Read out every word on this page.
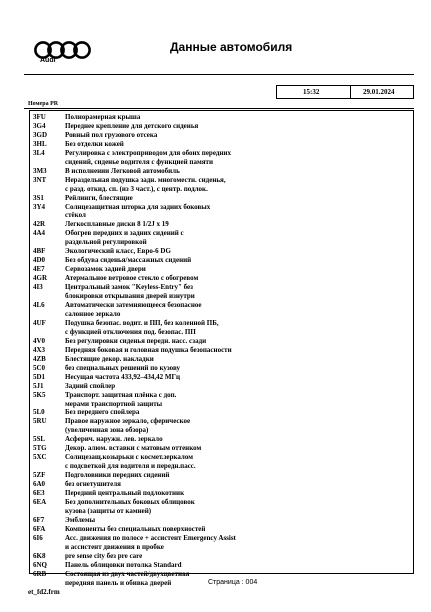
Audi
Данные автомобиля
15:32	29.01.2024
Номера PR
3FU	Полнорамерная крыша
3G4	Переднее крепление для детского сиденья
3GD	Ровный пол грузового отсека
3HL	Без отделки кожей
3L4	Регулировка с электроприводом для обоих передних
сидений, сиденье водителя с функцией памяти
3M3	В исполнении Легковой автомобиль
3NT	Нераздельная подушка задн. многоместн. сиденья,
с разд. откид. сп. (из 3 част.), с центр. подлок.
3S1	Рейлинги, блестящие
3Y4	Солнцезащитная шторка для задних боковых
стёкол
42R	Легкосплавные диски 8 1/2J x 19
4A4	Обогрев передних и задних сидений с
раздельной регулировкой
4BF	Экологический класс, Евро-6 DG
4D0	Без обдува сиденья/массажных сидений
4E7	Сервозамок задней двери
4GR	Атермальное ветровое стекло с обогревом
4I3	Центральный замок "Keyless-Entry" без
блокировки открывания дверей изнутри
4L6	Автоматически затемняющееся безопасное
салонное зеркало
4UF	Подушка безопас. водит. и ПП, без коленной ПБ,
с функцией отключения под. безопас. ПП
4V0	Без регулировки сиденья передн. насс. сзади
4X3	Передняя боковая и головная подушка безопасности
4ZB	Блестящие декор. накладки
5C0	без специальных решений по кузову
5D1	Несущая частота 433,92–434,42 МГц
5J1	Задний спойлер
5K5	Транспорт. защитная плёнка с доп.
мерами транспортной защиты
5L0	Без переднего спойлера
5RU	Правое наружное зеркало, сферическое
(увеличенная зона обзора)
5SL	Асферич. наружн. лев. зеркало
5TG	Декор. алюм. вставки с матовым оттенком
5XC	Солнцезащ.козырьки с космет.зеркалом
с подсветкой для водителя и передн.пасс.
5ZF	Подголовники передних сидений
6A0	без огнетушителя
6E3	Передний центральный подлокотник
6EA	Без дополнительных боковых облицовок
кузова (защиты от камней)
6F7	Эмблемы
6FA	Компоненты без специальных поверхностей
6I6	Асс. движения по полосе + ассистент Emergency Assist
и ассистент движения в пробке
6K8	pre sense city без pre care
6NQ	Панель облицовки потолка Standard
6RB	Состоящая из двух частей/двухцветная
передняя панель и обивка дверей	Страница : 004
et_fd2.frm
